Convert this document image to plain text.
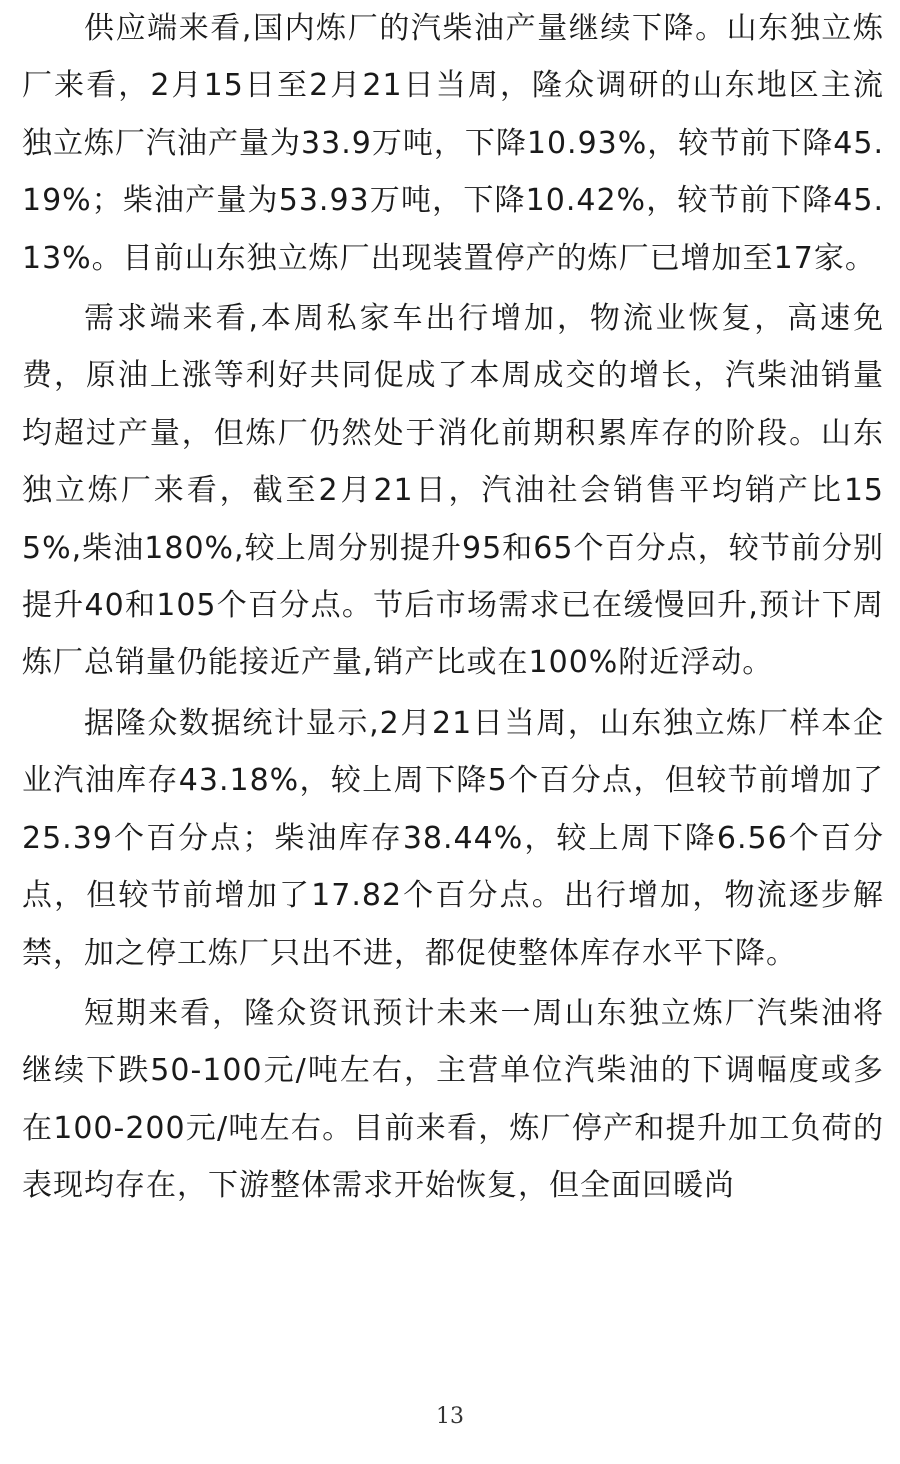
供应端来看,国内炼厂的汽柴油产量继续下降。山东独立炼厂来看，2月15日至2月21日当周，隆众调研的山东地区主流独立炼厂汽油产量为33.9万吨，下降10.93%，较节前下降45.19%；柴油产量为53.93万吨，下降10.42%，较节前下降45.13%。目前山东独立炼厂出现装置停产的炼厂已增加至17家。

需求端来看,本周私家车出行增加，物流业恢复，高速免费，原油上涨等利好共同促成了本周成交的增长，汽柴油销量均超过产量，但炼厂仍然处于消化前期积累库存的阶段。山东独立炼厂来看，截至2月21日，汽油社会销售平均销产比155%,柴油180%,较上周分别提升95和65个百分点，较节前分别提升40和105个百分点。节后市场需求已在缓慢回升,预计下周炼厂总销量仍能接近产量,销产比或在100%附近浮动。

据隆众数据统计显示,2月21日当周，山东独立炼厂样本企业汽油库存43.18%，较上周下降5个百分点，但较节前增加了25.39个百分点；柴油库存38.44%，较上周下降6.56个百分点，但较节前增加了17.82个百分点。出行增加，物流逐步解禁，加之停工炼厂只出不进，都促使整体库存水平下降。

短期来看，隆众资讯预计未来一周山东独立炼厂汽柴油将继续下跌50-100元/吨左右，主营单位汽柴油的下调幅度或多在100-200元/吨左右。目前来看，炼厂停产和提升加工负荷的表现均存在，下游整体需求开始恢复，但全面回暖尚

13
